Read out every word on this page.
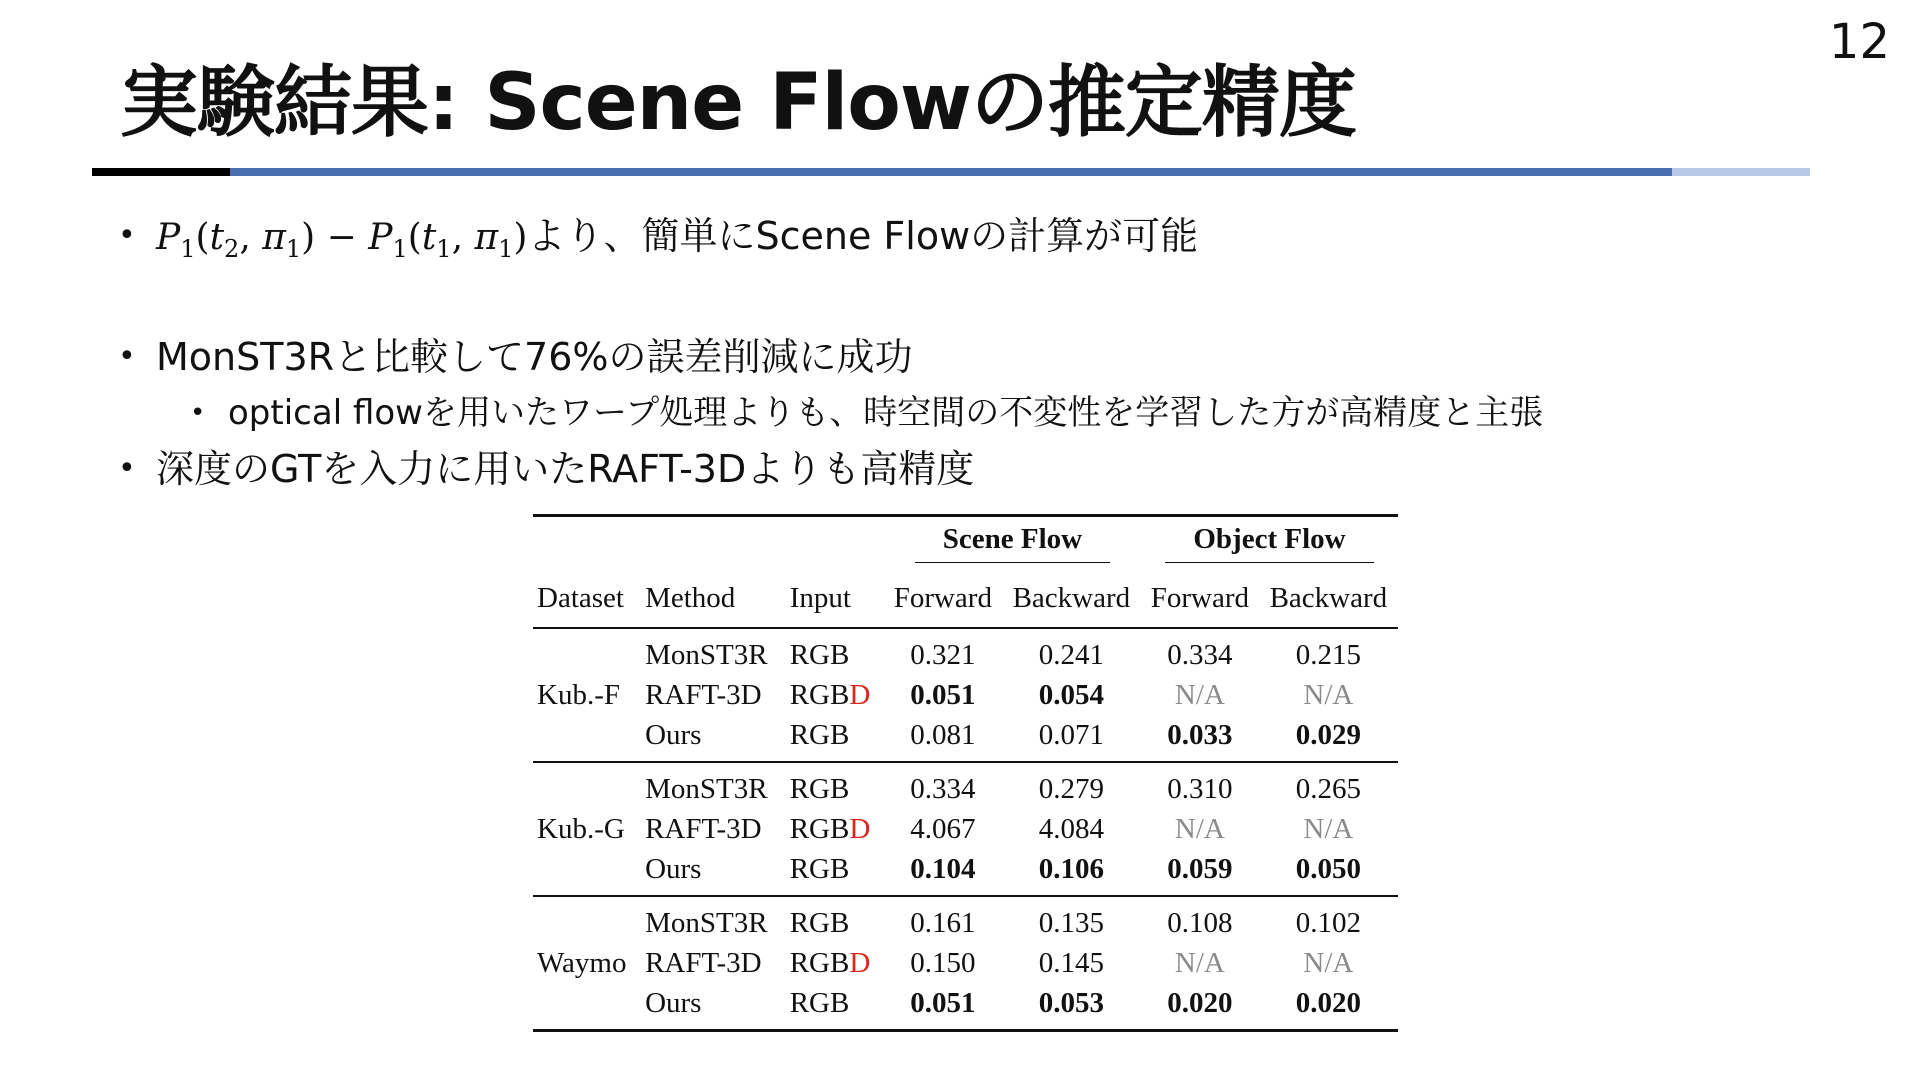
12
実験結果: Scene Flowの推定精度
• $P_1(t_2$, $\pi_1) - P_1(t_1$, $\pi_1$)より、簡単にScene Flowの計算が可能
• MonST3Rと比較して76%の誤差削減に成功
• optical flowを用いたワープ処理よりも、時空間の不変性を学習した方が高精度と主張
• 深度のGTを入力に用いたRAFT-3Dよりも高精度

			Scene Flow		Object Flow	
Dataset	Method	Input	Forward	Backward	Forward	Backward

	MonST3R	RGB	0.321	0.241	0.334	0.215
Kub.-F	RAFT-3D	RGBD	0.051	0.054	N/A	N/A
	Ours	RGB	0.081	0.071	0.033	0.029

	MonST3R	RGB	0.334	0.279	0.310	0.265
Kub.-G	RAFT-3D	RGBD	4.067	4.084	N/A	N/A
	Ours	RGB	0.104	0.106	0.059	0.050

	MonST3R	RGB	0.161	0.135	0.108	0.102
Waymo	RAFT-3D	RGBD	0.150	0.145	N/A	N/A
	Ours	RGB	0.051	0.053	0.020	0.020
